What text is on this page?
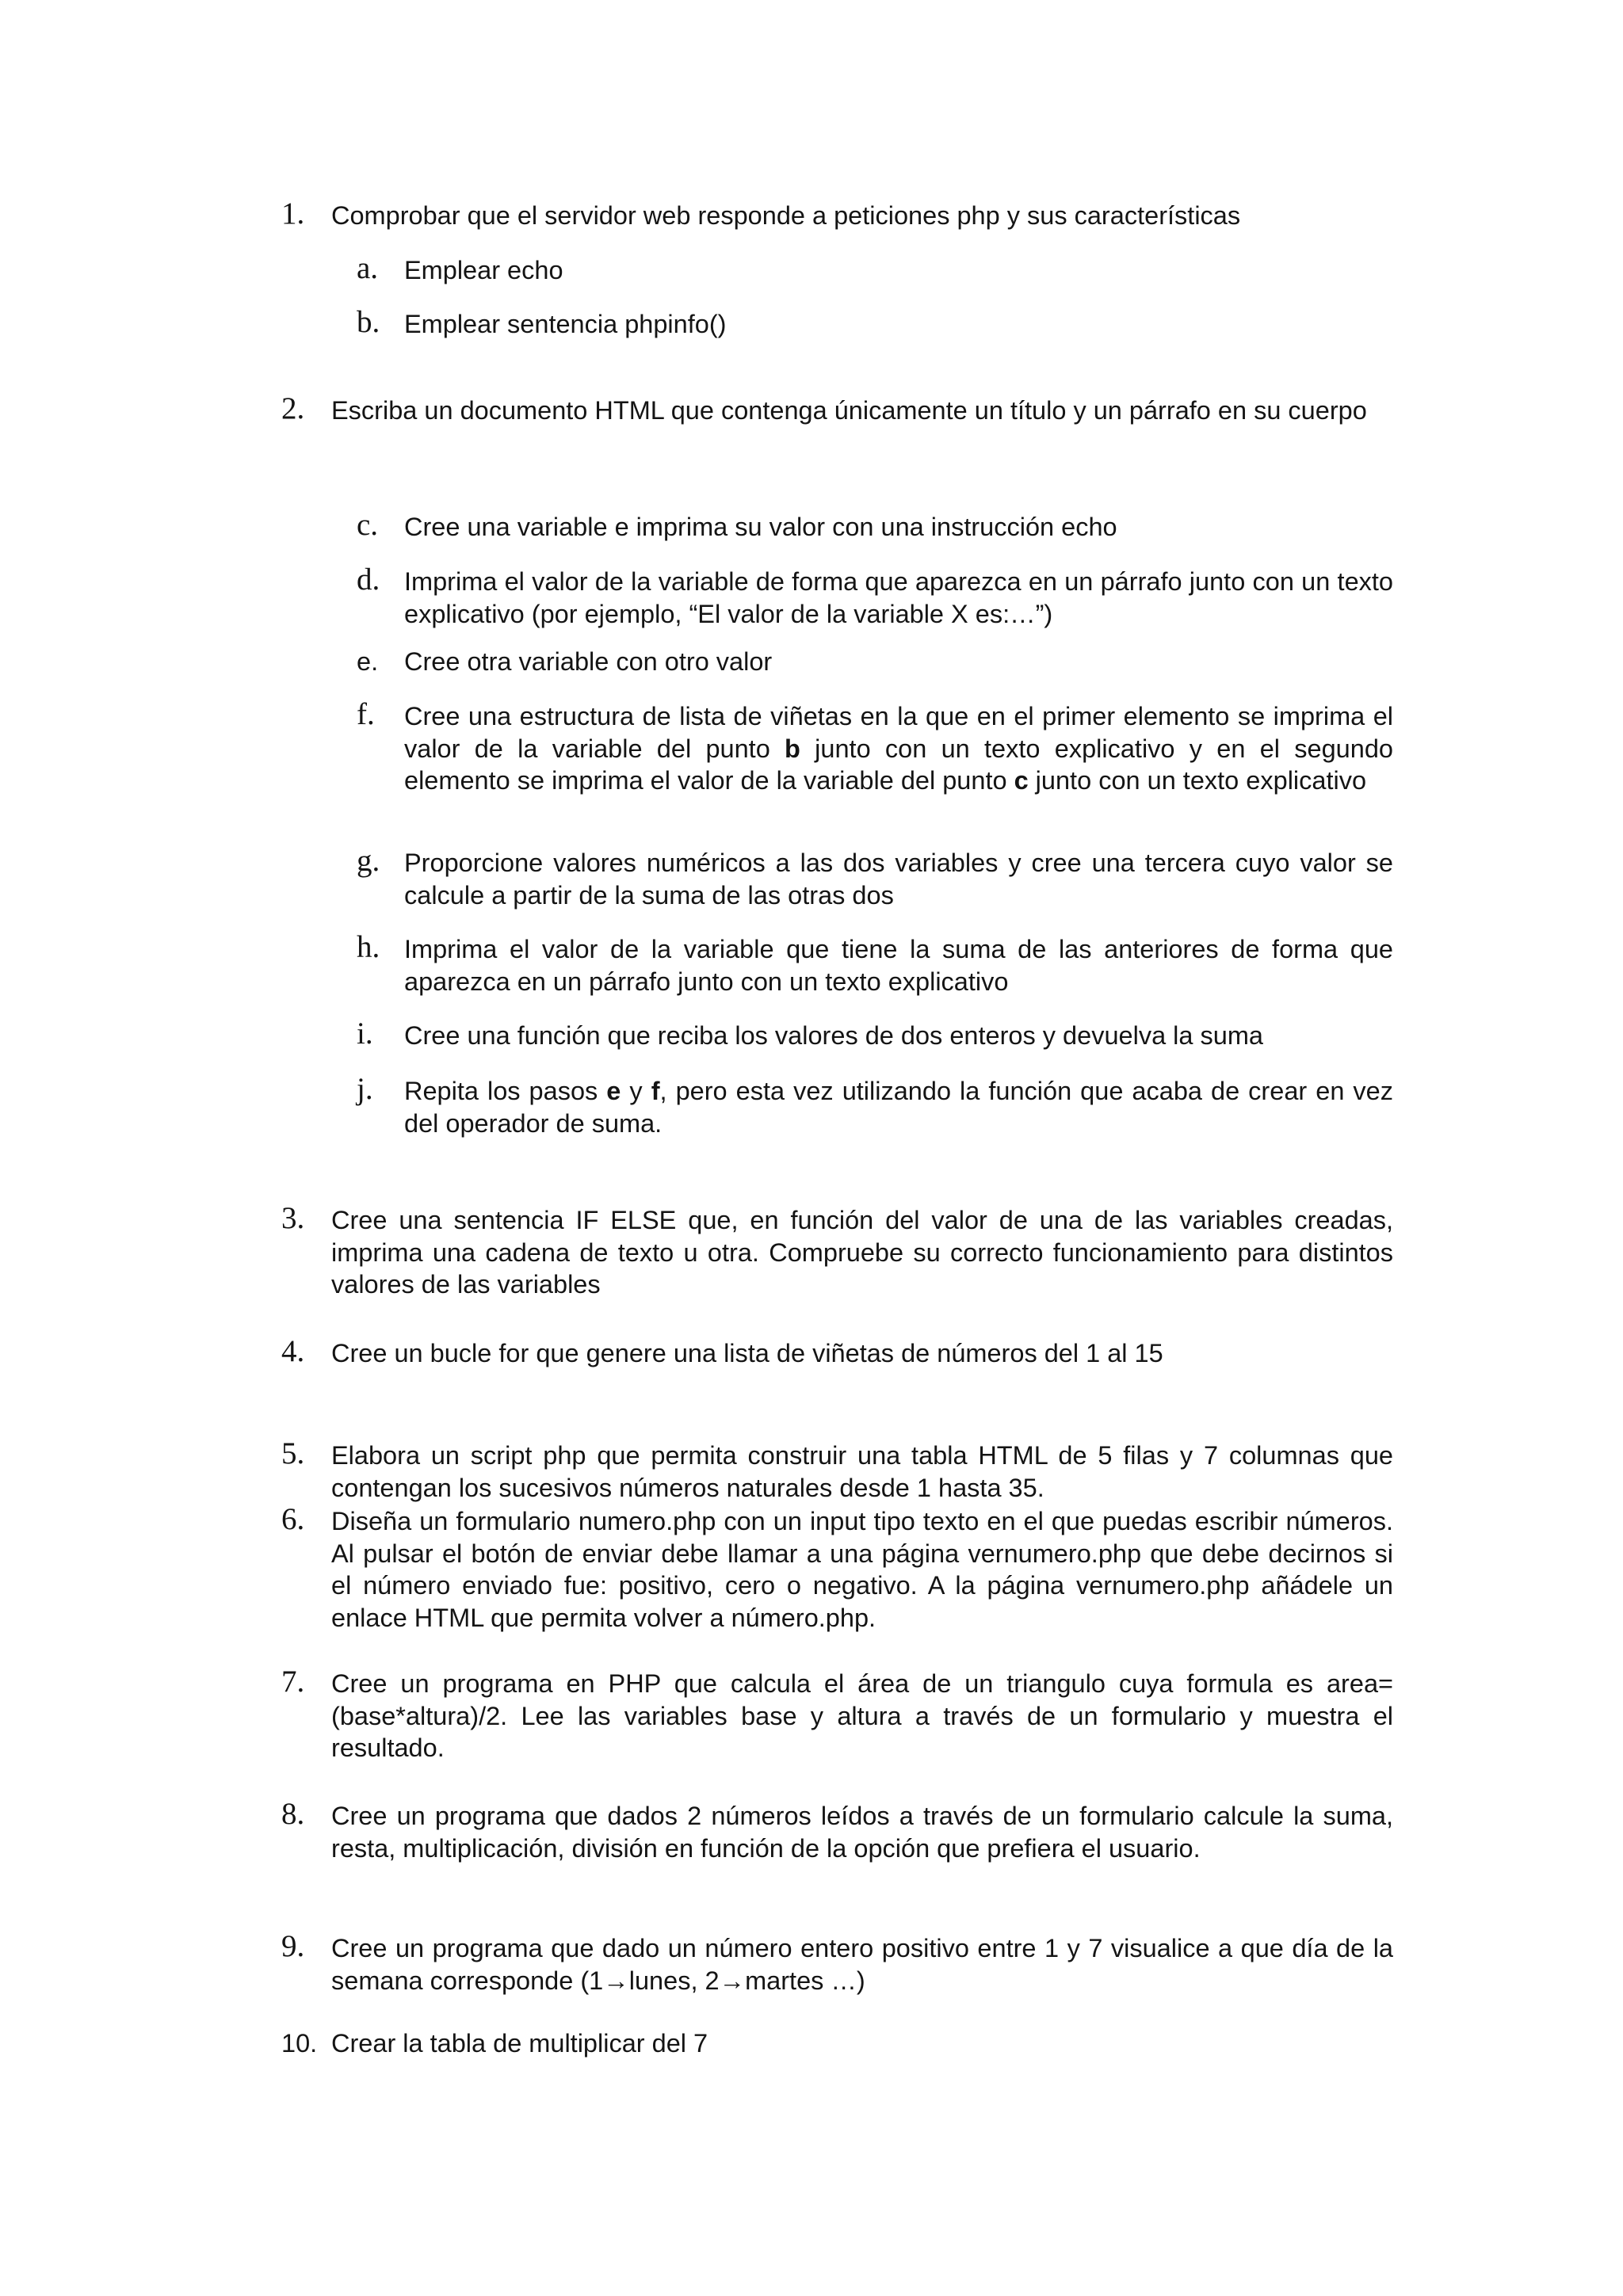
1. Comprobar que el servidor web responde a peticiones php y sus características
a. Emplear echo
b. Emplear sentencia phpinfo()
2. Escriba un documento HTML que contenga únicamente un título y un párrafo en su cuerpo
c. Cree una variable e imprima su valor con una instrucción echo
d. Imprima el valor de la variable de forma que aparezca en un párrafo junto con un texto explicativo (por ejemplo, “El valor de la variable X es:…”)
e. Cree otra variable con otro valor
f. Cree una estructura de lista de viñetas en la que en el primer elemento se imprima el valor de la variable del punto b junto con un texto explicativo y en el segundo elemento se imprima el valor de la variable del punto c junto con un texto explicativo
g. Proporcione valores numéricos a las dos variables y cree una tercera cuyo valor se calcule a partir de la suma de las otras dos
h. Imprima el valor de la variable que tiene la suma de las anteriores de forma que aparezca en un párrafo junto con un texto explicativo
i. Cree una función que reciba los valores de dos enteros y devuelva la suma
j. Repita los pasos e y f, pero esta vez utilizando la función que acaba de crear en vez del operador de suma.
3. Cree una sentencia IF ELSE que, en función del valor de una de las variables creadas, imprima una cadena de texto u otra. Compruebe su correcto funcionamiento para distintos valores de las variables
4. Cree un bucle for que genere una lista de viñetas de números del 1 al 15
5. Elabora un script php que permita construir una tabla HTML de 5 filas y 7 columnas que contengan los sucesivos números naturales desde 1 hasta 35.
6. Diseña un formulario numero.php con un input tipo texto en el que puedas escribir números. Al pulsar el botón de enviar debe llamar a una página vernumero.php que debe decirnos si el número enviado fue: positivo, cero o negativo. A la página vernumero.php añádele un enlace HTML que permita volver a número.php.
7. Cree un programa en PHP que calcula el área de un triangulo cuya formula es area=(base*altura)/2. Lee las variables base y altura a través de un formulario y muestra el resultado.
8. Cree un programa que dados 2 números leídos a través de un formulario calcule la suma, resta, multiplicación, división en función de la opción que prefiera el usuario.
9. Cree un programa que dado un número entero positivo entre 1 y 7 visualice a que día de la semana corresponde (1→lunes, 2→martes …)
10. Crear la tabla de multiplicar del 7
